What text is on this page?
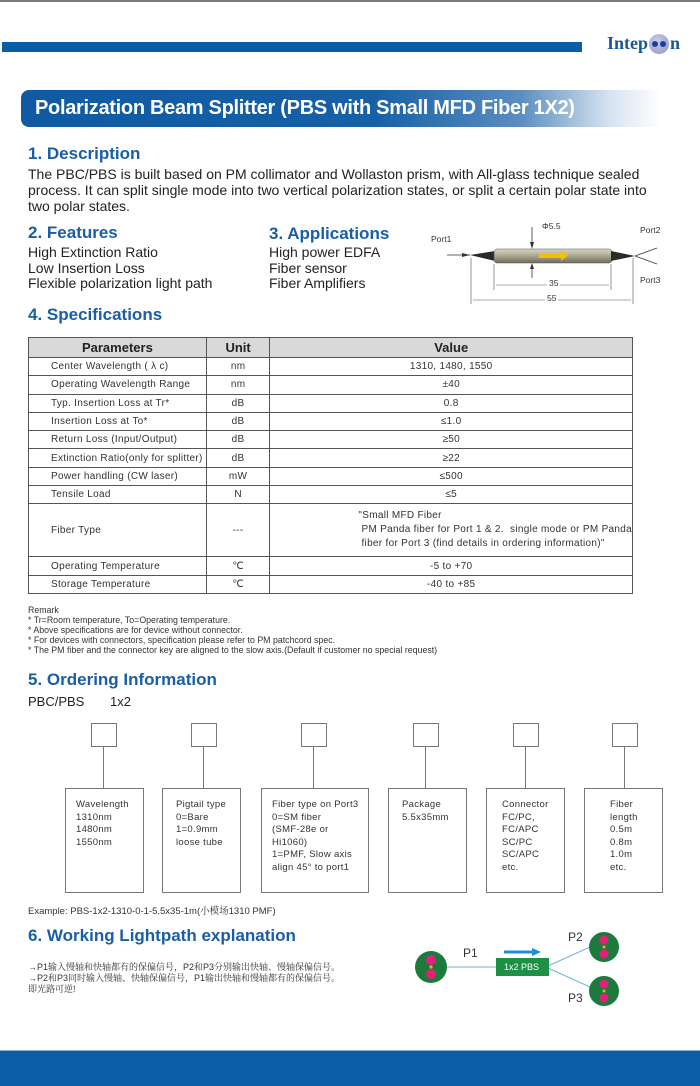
Intep n
Polarization Beam Splitter (PBS with Small MFD Fiber 1X2)
1. Description
The PBC/PBS is built based on PM collimator and Wollaston prism, with All-glass technique sealed
process. It can split single mode into two vertical polarization states, or split a certain polar state into
two polar states.
2. Features
High Extinction Ratio
Low Insertion Loss
Flexible polarization light path
3. Applications
High power EDFA
Fiber sensor
Fiber Amplifiers
Port1
Port2
Port3
Φ5.5
35
55
4. Specifications
Parameters	Unit	Value
Center Wavelength ( λ c)	nm	1310, 1480, 1550
Operating Wavelength Range	nm	±40
Typ. Insertion Loss at Tr*	dB	0.8
Insertion Loss at To*	dB	≤1.0
Return Loss (Input/Output)	dB	≥50
Extinction Ratio(only for splitter)	dB	≥22
Power handling (CW laser)	mW	≤500
Tensile Load	N	≤5
Fiber Type	---	"Small MFD Fiber
PM Panda fiber for Port 1 & 2.  single mode or PM Panda
fiber for Port 3 (find details in ordering information)"

Operating Temperature	℃	-5 to +70
Storage Temperature	℃	-40 to +85
Remark
* Tr=Room temperature, To=Operating temperature.
* Above specifications are for device without connector.
* For devices with connectors, specification please refer to PM patchcord spec.
* The PM fiber and the connector key are aligned to the slow axis.(Default if customer no special request)
5. Ordering Information
PBC/PBS 1x2
Wavelength
1310nm
1480nm
1550nm
Pigtail type
0=Bare
1=0.9mm
loose tube
Fiber type on Port3
0=SM fiber
(SMF-28e or
Hi1060)
1=PMF, Slow axis
align 45° to port1
Package
5.5x35mm
Connector
FC/PC,
FC/APC
SC/PC
SC/APC
etc.
Fiber
length
0.5m
0.8m
1.0m
etc.
Example: PBS-1x2-1310-0-1-5.5x35-1m(小模场1310 PMF)
6. Working Lightpath explanation
→P1输入慢轴和快轴都有的保偏信号，P2和P3分别输出快轴、慢轴保偏信号。
→P2和P3同时输入慢轴、快轴保偏信号，P1输出快轴和慢轴都有的保偏信号。
即光路可逆!
P1
P2
P3
1x2 PBS
